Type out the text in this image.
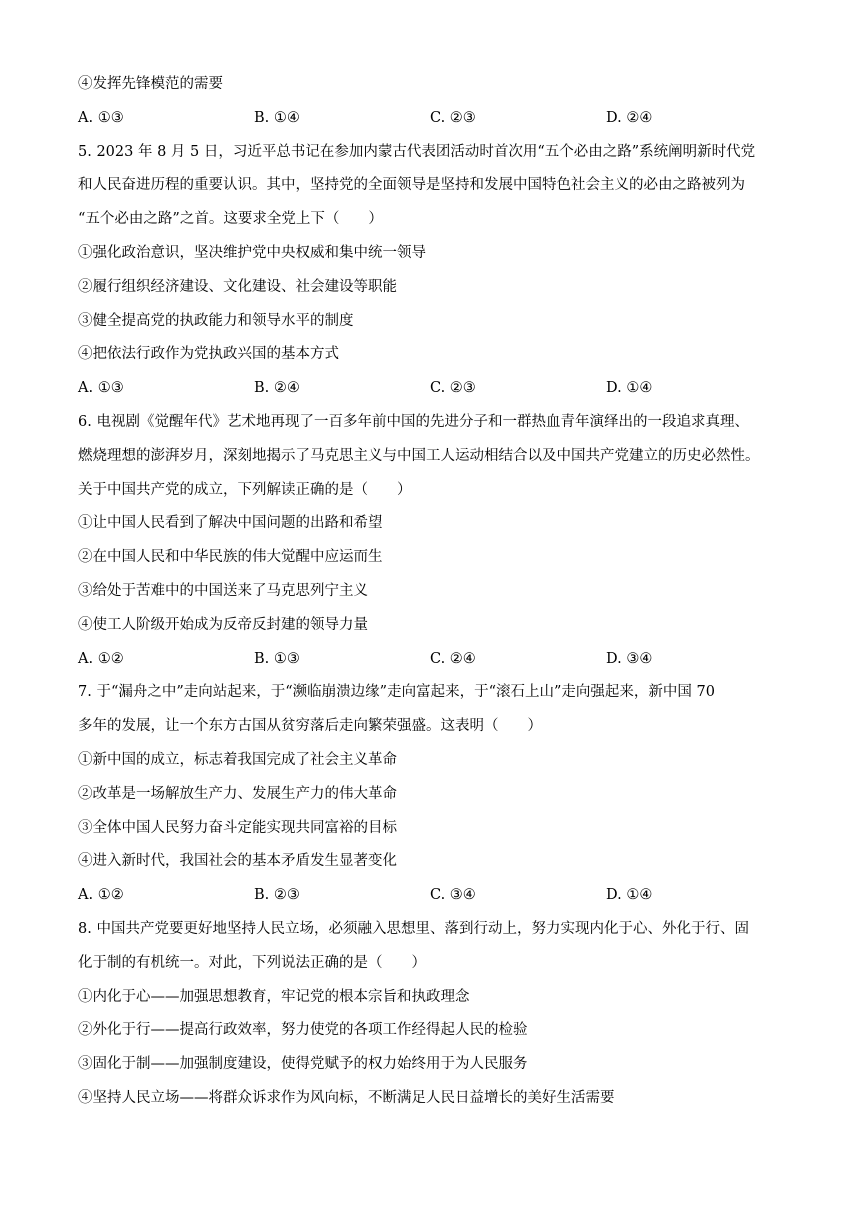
④发挥先锋模范的需要
A. ①③	B. ①④	C. ②③	D. ②④
5. 2023 年 8 月 5 日，习近平总书记在参加内蒙古代表团活动时首次用“五个必由之路”系统阐明新时代党
和人民奋进历程的重要认识。其中，坚持党的全面领导是坚持和发展中国特色社会主义的必由之路被列为
“五个必由之路”之首。这要求全党上下（　　）
①强化政治意识，坚决维护党中央权威和集中统一领导
②履行组织经济建设、文化建设、社会建设等职能
③健全提高党的执政能力和领导水平的制度
④把依法行政作为党执政兴国的基本方式
A. ①③	B. ②④	C. ②③	D. ①④
6. 电视剧《觉醒年代》艺术地再现了一百多年前中国的先进分子和一群热血青年演绎出的一段追求真理、
燃烧理想的澎湃岁月，深刻地揭示了马克思主义与中国工人运动相结合以及中国共产党建立的历史必然性。
关于中国共产党的成立，下列解读正确的是（　　）
①让中国人民看到了解决中国问题的出路和希望
②在中国人民和中华民族的伟大觉醒中应运而生
③给处于苦难中的中国送来了马克思列宁主义
④使工人阶级开始成为反帝反封建的领导力量
A. ①②	B. ①③	C. ②④	D. ③④
7. 于“漏舟之中”走向站起来，于“濒临崩溃边缘”走向富起来，于“滚石上山”走向强起来，新中国 70
多年的发展，让一个东方古国从贫穷落后走向繁荣强盛。这表明（　　）
①新中国的成立，标志着我国完成了社会主义革命
②改革是一场解放生产力、发展生产力的伟大革命
③全体中国人民努力奋斗定能实现共同富裕的目标
④进入新时代，我国社会的基本矛盾发生显著变化
A. ①②	B. ②③	C. ③④	D. ①④
8. 中国共产党要更好地坚持人民立场，必须融入思想里、落到行动上，努力实现内化于心、外化于行、固
化于制的有机统一。对此，下列说法正确的是（　　）
①内化于心——加强思想教育，牢记党的根本宗旨和执政理念
②外化于行——提高行政效率，努力使党的各项工作经得起人民的检验
③固化于制——加强制度建设，使得党赋予的权力始终用于为人民服务
④坚持人民立场——将群众诉求作为风向标，不断满足人民日益增长的美好生活需要
